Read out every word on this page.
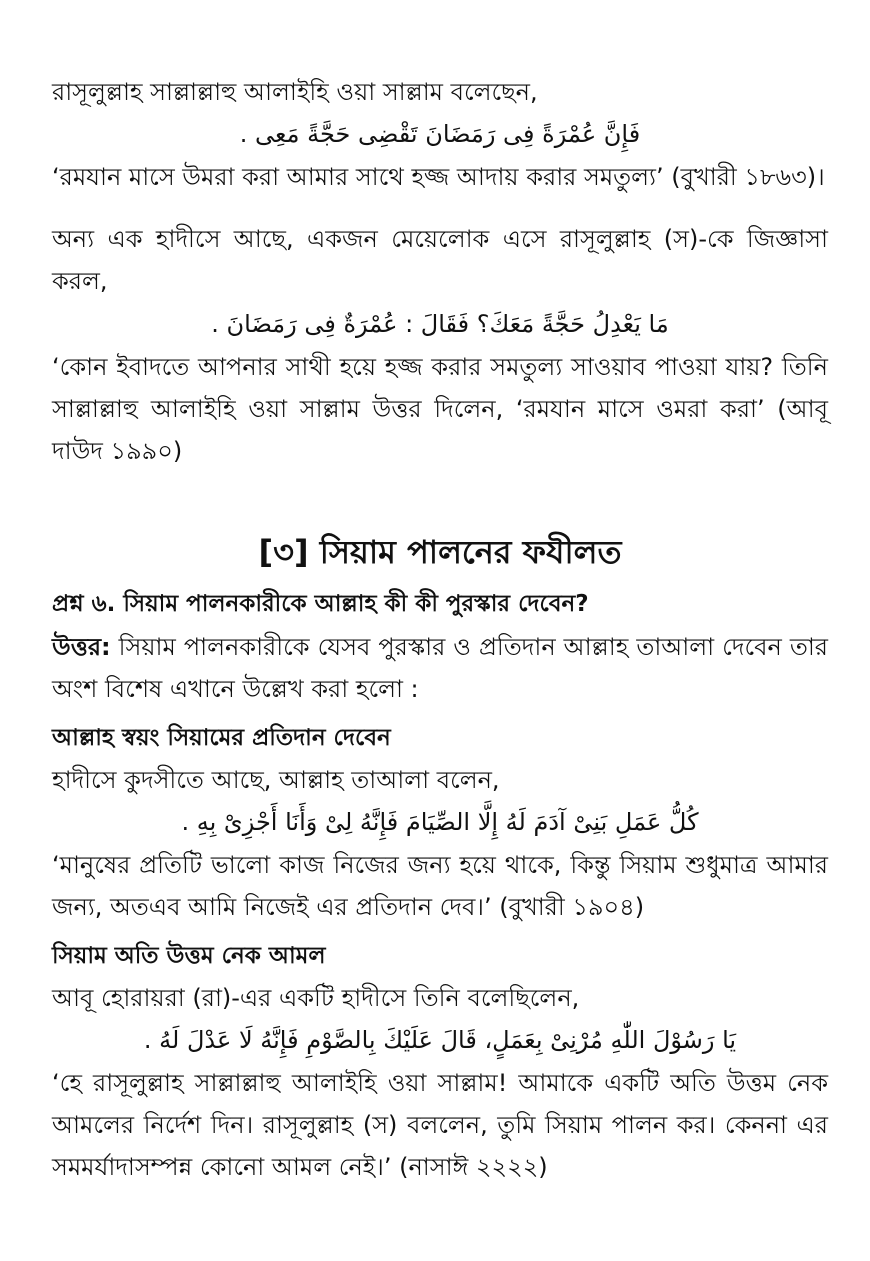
রাসূলুল্লাহ সাল্লাল্লাহু আলাইহি ওয়া সাল্লাম বলেছেন,

فَإِنَّ عُمْرَةً فِى رَمَضَانَ تَقْضِى حَجَّةً مَعِى .

‘রমযান মাসে উমরা করা আমার সাথে হজ্জ আদায় করার সমতুল্য’ (বুখারী ১৮৬৩)।

অন্য এক হাদীসে আছে, একজন মেয়েলোক এসে রাসূলুল্লাহ (স)-কে জিজ্ঞাসা করল,

مَا يَعْدِلُ حَجَّةً مَعَكَ؟ فَقَالَ : عُمْرَةٌ فِى رَمَضَانَ .

‘কোন ইবাদতে আপনার সাথী হয়ে হজ্জ করার সমতুল্য সাওয়াব পাওয়া যায়? তিনি সাল্লাল্লাহু আলাইহি ওয়া সাল্লাম উত্তর দিলেন, ‘রমযান মাসে ওমরা করা’ (আবূ দাউদ ১৯৯০)

[৩] সিয়াম পালনের ফযীলত

প্রশ্ন ৬. সিয়াম পালনকারীকে আল্লাহ কী কী পুরস্কার দেবেন?

উত্তর: সিয়াম পালনকারীকে যেসব পুরস্কার ও প্রতিদান আল্লাহ তাআলা দেবেন তার অংশ বিশেষ এখানে উল্লেখ করা হলো :

আল্লাহ স্বয়ং সিয়ামের প্রতিদান দেবেন

হাদীসে কুদসীতে আছে, আল্লাহ তাআলা বলেন,

كُلُّ عَمَلِ بَنِىْ آدَمَ لَهُ إِلَّا الصِّيَامَ فَإِنَّهُ لِىْ وَأَنَا أَجْزِىْ بِهِ .

‘মানুষের প্রতিটি ভালো কাজ নিজের জন্য হয়ে থাকে, কিন্তু সিয়াম শুধুমাত্র আমার জন্য, অতএব আমি নিজেই এর প্রতিদান দেব।’ (বুখারী ১৯০৪)

সিয়াম অতি উত্তম নেক আমল

আবূ হোরায়রা (রা)-এর একটি হাদীসে তিনি বলেছিলেন,

يَا رَسُوْلَ اللّٰهِ مُرْنِىْ بِعَمَلٍ، قَالَ عَلَيْكَ بِالصَّوْمِ فَإِنَّهُ لَا عَدْلَ لَهُ .

‘হে রাসূলুল্লাহ সাল্লাল্লাহু আলাইহি ওয়া সাল্লাম! আমাকে একটি অতি উত্তম নেক আমলের নির্দেশ দিন। রাসূলুল্লাহ (স) বললেন, তুমি সিয়াম পালন কর। কেননা এর সমমর্যাদাসম্পন্ন কোনো আমল নেই।’ (নাসাঈ ২২২২)
